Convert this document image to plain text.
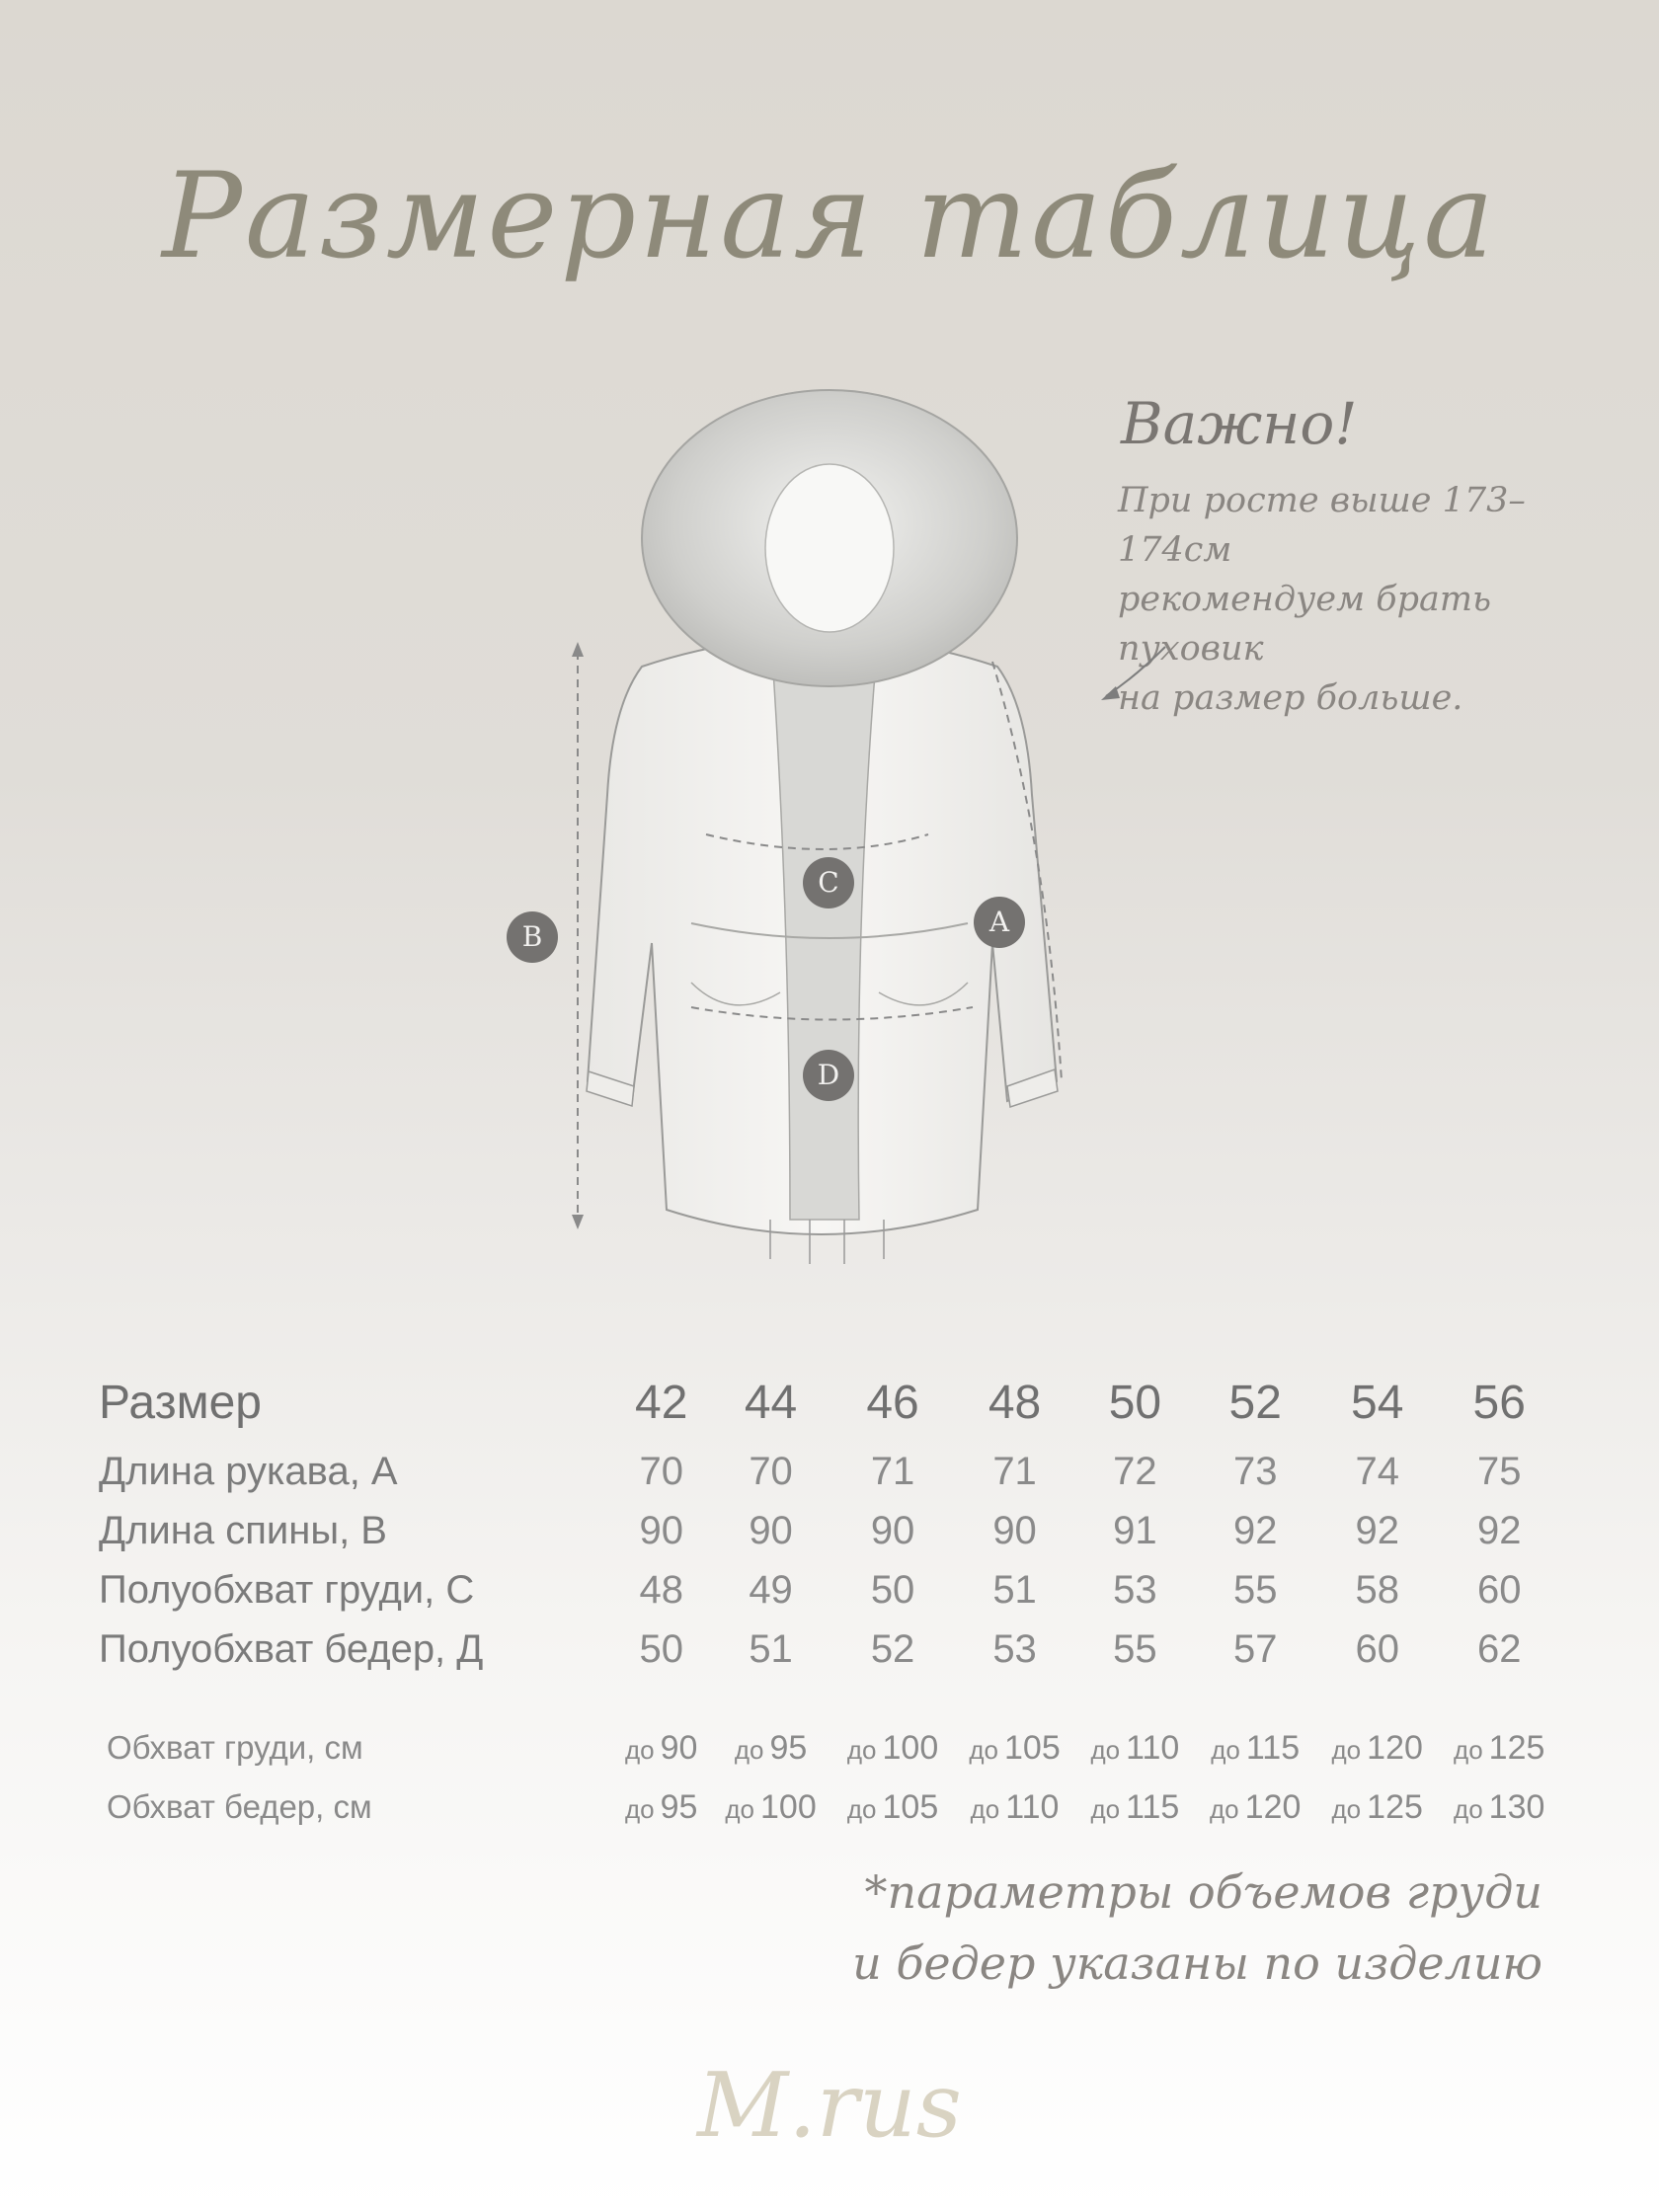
Размерная таблица
Важно!
При росте выше 173–174см
рекомендуем брать пуховик
на размер больше.
C
A
B
D
Размер	42	44	46	48	50	52	54	56
Длина рукава, А	70	70	71	71	72	73	74	75
Длина спины, В	90	90	90	90	91	92	92	92
Полуобхват груди, С	48	49	50	51	53	55	58	60
Полуобхват бедер, Д	50	51	52	53	55	57	60	62

Обхват груди, см	до 90	до 95	до 100	до 105	до 110	до 115	до 120	до 125
Обхват бедер, см	до 95	до 100	до 105	до 110	до 115	до 120	до 125	до 130
*параметры объемов груди
и бедер указаны по изделию
M.rus
